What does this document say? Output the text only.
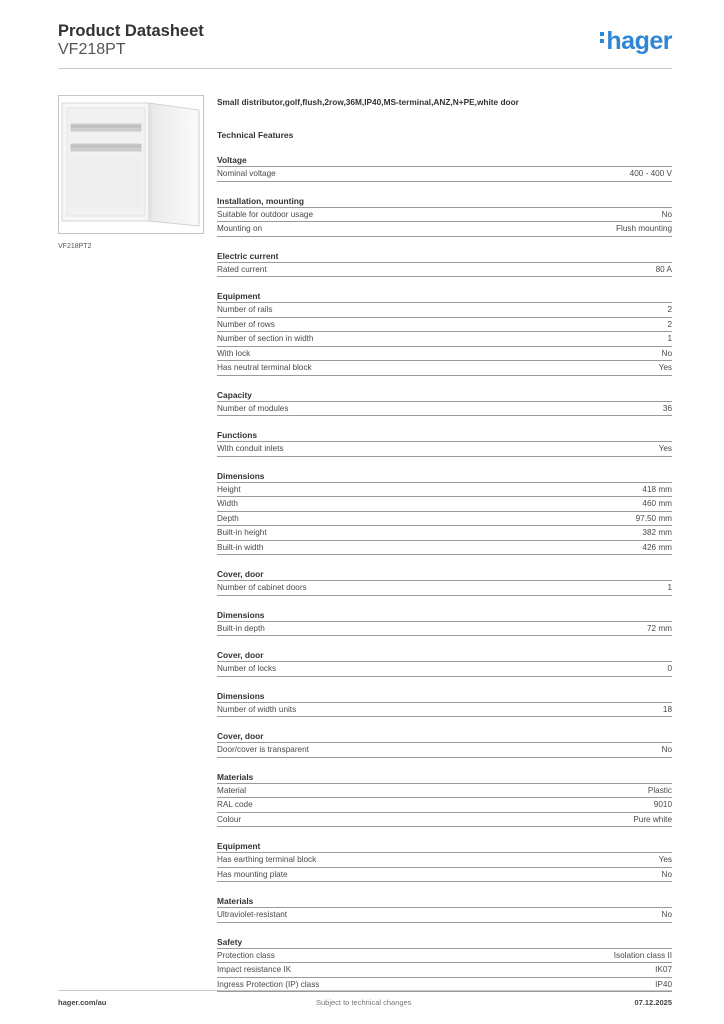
Product Datasheet
VF218PT	hager
VF218PT2
Small distributor,golf,flush,2row,36M,IP40,MS-terminal,ANZ,N+PE,white door
Technical Features
Voltage
Nominal voltage	400 - 400 V
Installation, mounting
Suitable for outdoor usage	No
Mounting on	Flush mounting
Electric current
Rated current	80 A
Equipment
Number of rails	2
Number of rows	2
Number of section in width	1
With lock	No
Has neutral terminal block	Yes
Capacity
Number of modules	36
Functions
With conduit inlets	Yes
Dimensions
Height	418 mm
Width	460 mm
Depth	97.50 mm
Built-in height	382 mm
Built-in width	426 mm
Cover, door
Number of cabinet doors	1
Dimensions
Built-in depth	72 mm
Cover, door
Number of locks	0
Dimensions
Number of width units	18
Cover, door
Door/cover is transparent	No
Materials
Material	Plastic
RAL code	9010
Colour	Pure white
Equipment
Has earthing terminal block	Yes
Has mounting plate	No
Materials
Ultraviolet-resistant	No
Safety
Protection class	Isolation class II
Impact resistance IK	IK07
Ingress Protection (IP) class	IP40
hager.com/au	Subject to technical changes	07.12.2025
